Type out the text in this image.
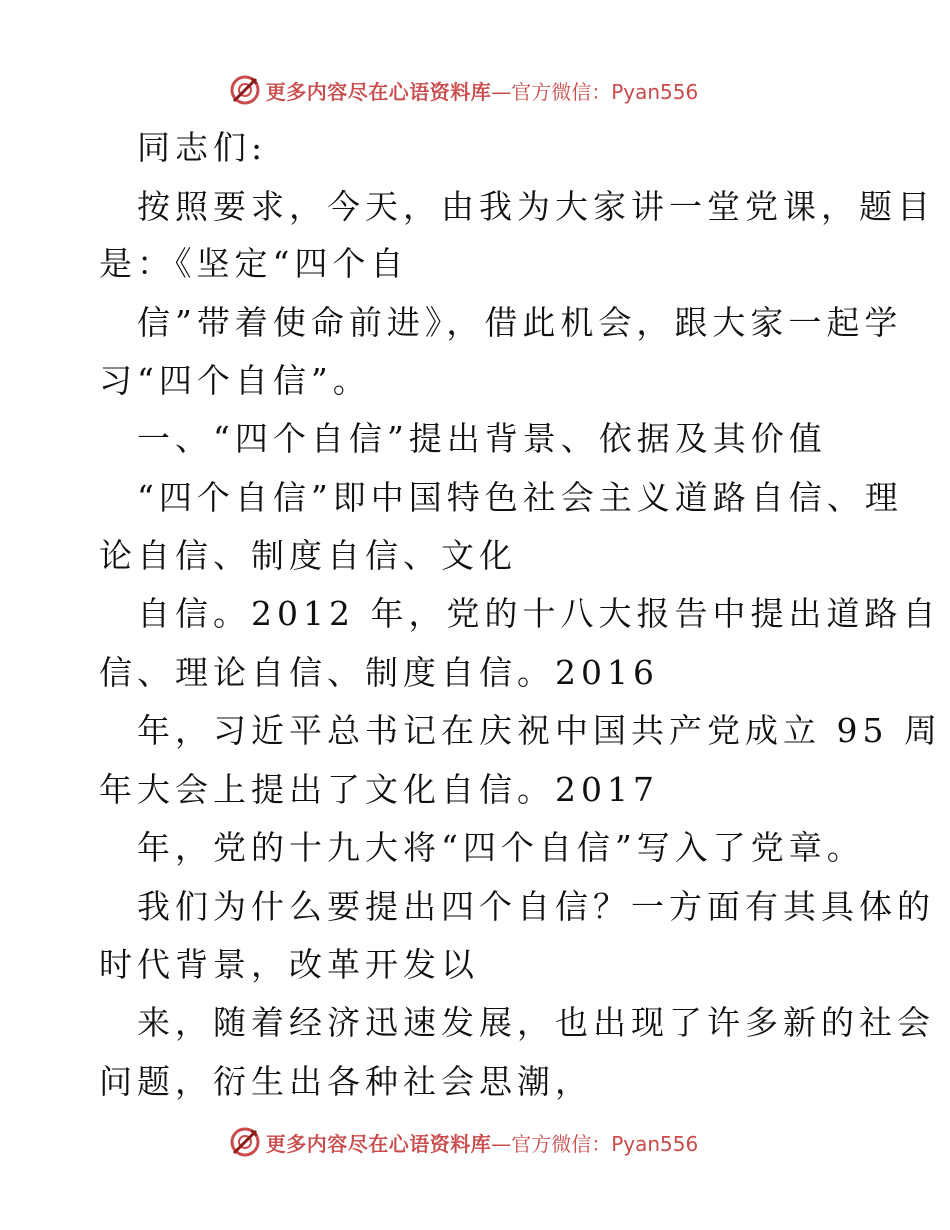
更多内容尽在心语资料库 —官方微信：Pyan556
同志们:
按照要求，今天，由我为大家讲一堂党课，题目
是：《坚定“四个自
信”带着使命前进》，借此机会，跟大家一起学
习“四个自信”。
一、“四个自信”提出背景、依据及其价值
“四个自信”即中国特色社会主义道路自信、理
论自信、制度自信、文化
自信。2012 年，党的十八大报告中提出道路自
信、理论自信、制度自信。2016
年，习近平总书记在庆祝中国共产党成立 95 周
年大会上提出了文化自信。2017
年，党的十九大将“四个自信”写入了党章。
我们为什么要提出四个自信？一方面有其具体的
时代背景，改革开发以
来，随着经济迅速发展，也出现了许多新的社会
问题，衍生出各种社会思潮，
更多内容尽在心语资料库 —官方微信：Pyan556
